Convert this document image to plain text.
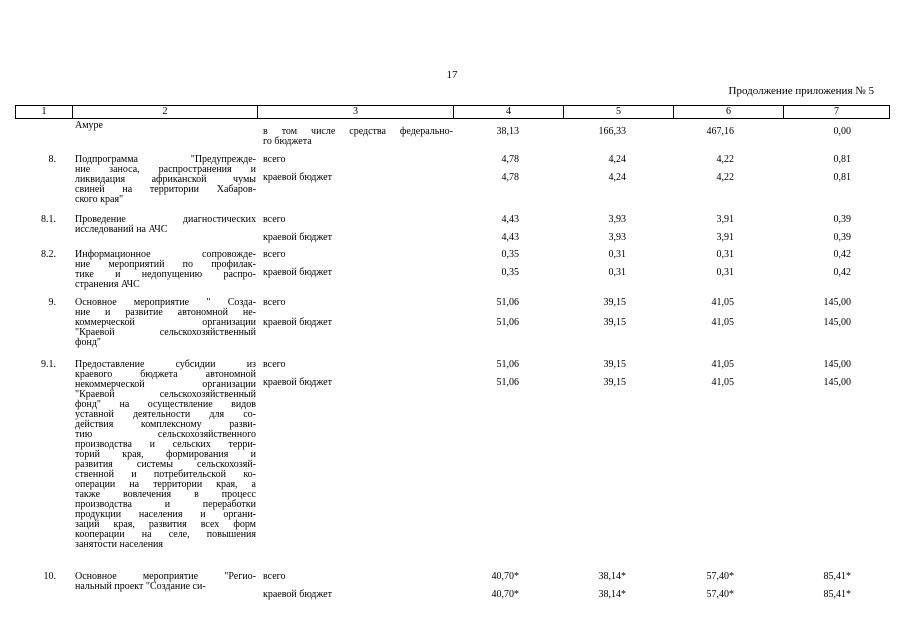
17
Продолжение приложения № 5
1	2	3	4	5	6	7
Амуре
в том числе средства федерально-
го бюджета
38,13	166,33	467,16	0,00
8. Подпрограмма "Предупрежде-
ние заноса, распространения и
ликвидация африканской чумы
свиней на территории Хабаров-
ского края"
всего	4,78	4,24	4,22	0,81
краевой бюджет	4,78	4,24	4,22	0,81
8.1. Проведение диагностических
исследований на АЧС
всего	4,43	3,93	3,91	0,39
краевой бюджет	4,43	3,93	3,91	0,39
8.2. Информационное сопровожде-
ние мероприятий по профилак-
тике и недопущению распро-
странения АЧС
всего	0,35	0,31	0,31	0,42
краевой бюджет	0,35	0,31	0,31	0,42
9. Основное мероприятие " Созда-
ние и развитие автономной не-
коммерческой организации
"Краевой сельскохозяйственный
фонд"
всего	51,06	39,15	41,05	145,00
краевой бюджет	51,06	39,15	41,05	145,00
9.1. Предоставление субсидии из
краевого бюджета автономной
некоммерческой организации
"Краевой сельскохозяйственный
фонд" на осуществление видов
уставной деятельности для со-
действия комплексному разви-
тию сельскохозяйственного
производства и сельских терри-
торий края, формирования и
развития системы сельскохозяй-
ственной и потребительской ко-
операции на территории края, а
также вовлечения в процесс
производства и переработки
продукции населения и органи-
заций края, развития всех форм
кооперации на селе, повышения
занятости населения
всего	51,06	39,15	41,05	145,00
краевой бюджет	51,06	39,15	41,05	145,00
10. Основное мероприятие "Регио-
нальный проект "Создание си-
всего	40,70*	38,14*	57,40*	85,41*
краевой бюджет	40,70*	38,14*	57,40*	85,41*
